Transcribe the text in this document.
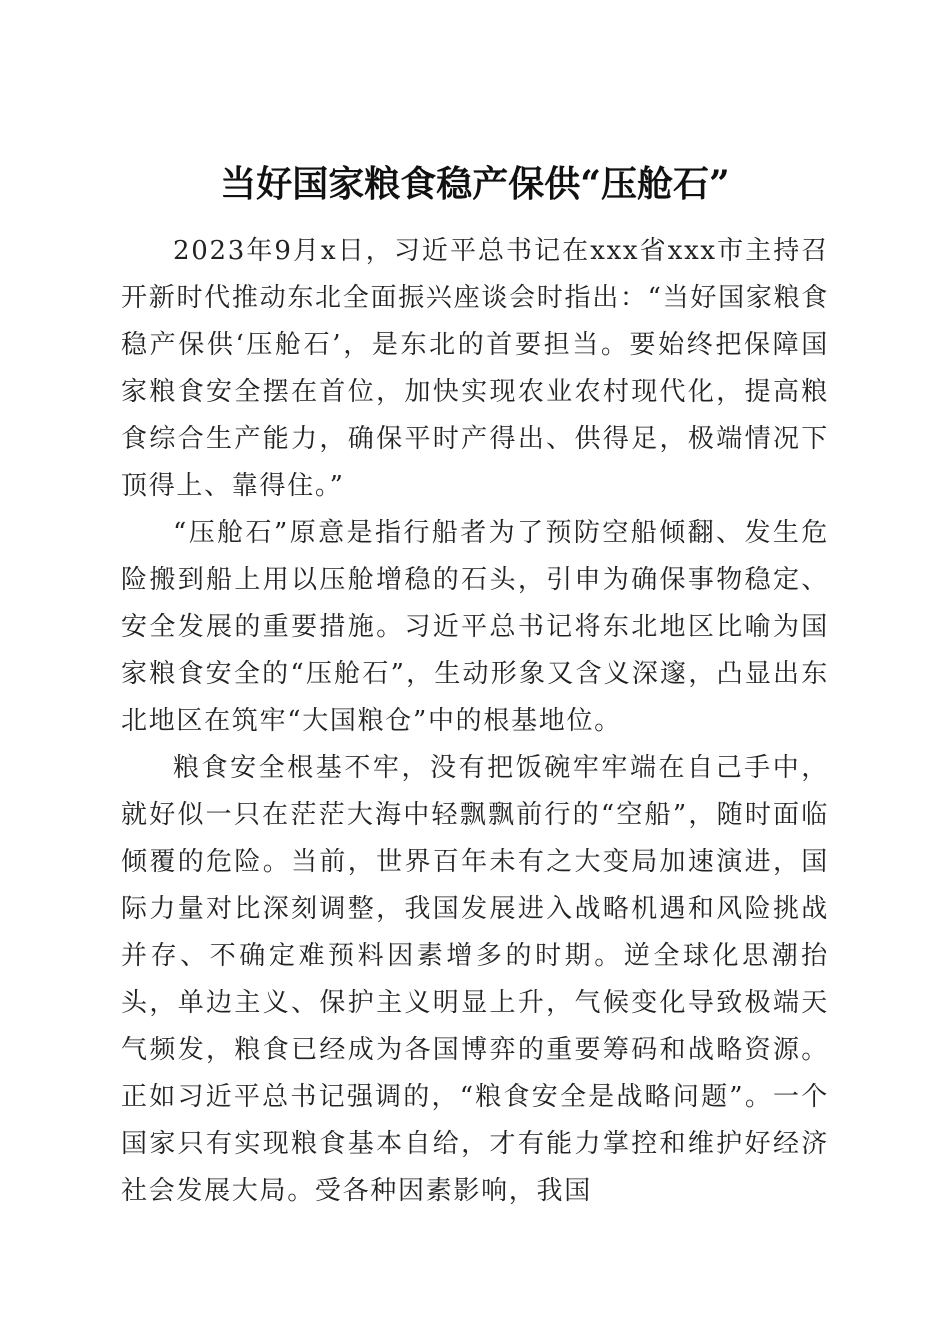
当好国家粮食稳产保供“压舱石”

2023年9月x日，习近平总书记在xxx省xxx市主持召开新时代推动东北全面振兴座谈会时指出：“当好国家粮食稳产保供‘压舱石’，是东北的首要担当。要始终把保障国家粮食安全摆在首位，加快实现农业农村现代化，提高粮食综合生产能力，确保平时产得出、供得足，极端情况下顶得上、靠得住。”

“压舱石”原意是指行船者为了预防空船倾翻、发生危险搬到船上用以压舱增稳的石头，引申为确保事物稳定、安全发展的重要措施。习近平总书记将东北地区比喻为国家粮食安全的“压舱石”，生动形象又含义深邃，凸显出东北地区在筑牢“大国粮仓”中的根基地位。

粮食安全根基不牢，没有把饭碗牢牢端在自己手中，就好似一只在茫茫大海中轻飘飘前行的“空船”，随时面临倾覆的危险。当前，世界百年未有之大变局加速演进，国际力量对比深刻调整，我国发展进入战略机遇和风险挑战并存、不确定难预料因素增多的时期。逆全球化思潮抬头，单边主义、保护主义明显上升，气候变化导致极端天气频发，粮食已经成为各国博弈的重要筹码和战略资源。正如习近平总书记强调的，“粮食安全是战略问题”。一个国家只有实现粮食基本自给，才有能力掌控和维护好经济社会发展大局。受各种因素影响，我国
